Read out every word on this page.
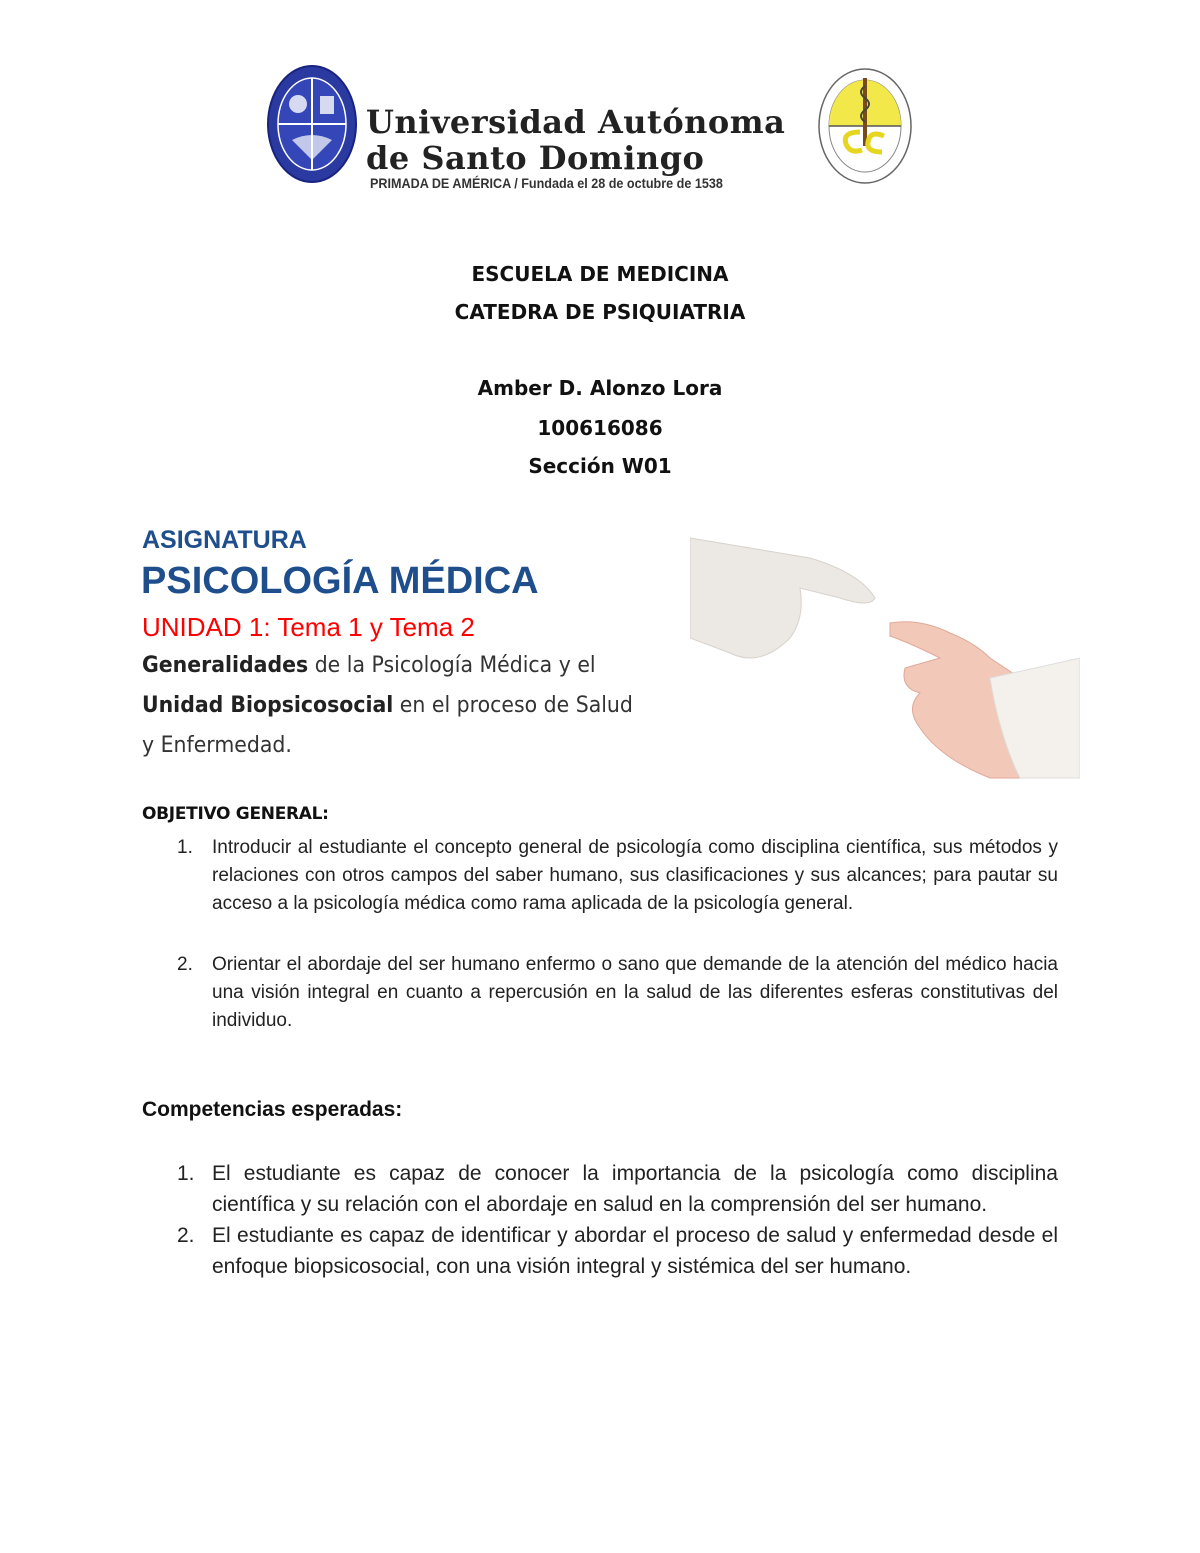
Universidad Autónoma
de Santo Domingo
PRIMADA DE AMÉRICA / Fundada el 28 de octubre de 1538
ESCUELA DE MEDICINA
CATEDRA DE PSIQUIATRIA
Amber D. Alonzo Lora
100616086
Sección W01
ASIGNATURA
PSICOLOGÍA MÉDICA
UNIDAD 1: Tema 1 y Tema 2
Generalidades de la Psicología Médica y el
Unidad Biopsicosocial en el proceso de Salud
y Enfermedad.
OBJETIVO GENERAL:
1. Introducir al estudiante el concepto general de psicología como disciplina científica, sus métodos y relaciones con otros campos del saber humano, sus clasificaciones y sus alcances; para pautar su acceso a la psicología médica como rama aplicada de la psicología general.
2. Orientar el abordaje del ser humano enfermo o sano que demande de la atención del médico hacia una visión integral en cuanto a repercusión en la salud de las diferentes esferas constitutivas del individuo.
Competencias esperadas:
1. El estudiante es capaz de conocer la importancia de la psicología como disciplina científica y su relación con el abordaje en salud en la comprensión del ser humano.
2. El estudiante es capaz de identificar y abordar el proceso de salud y enfermedad desde el enfoque biopsicosocial, con una visión integral y sistémica del ser humano.
